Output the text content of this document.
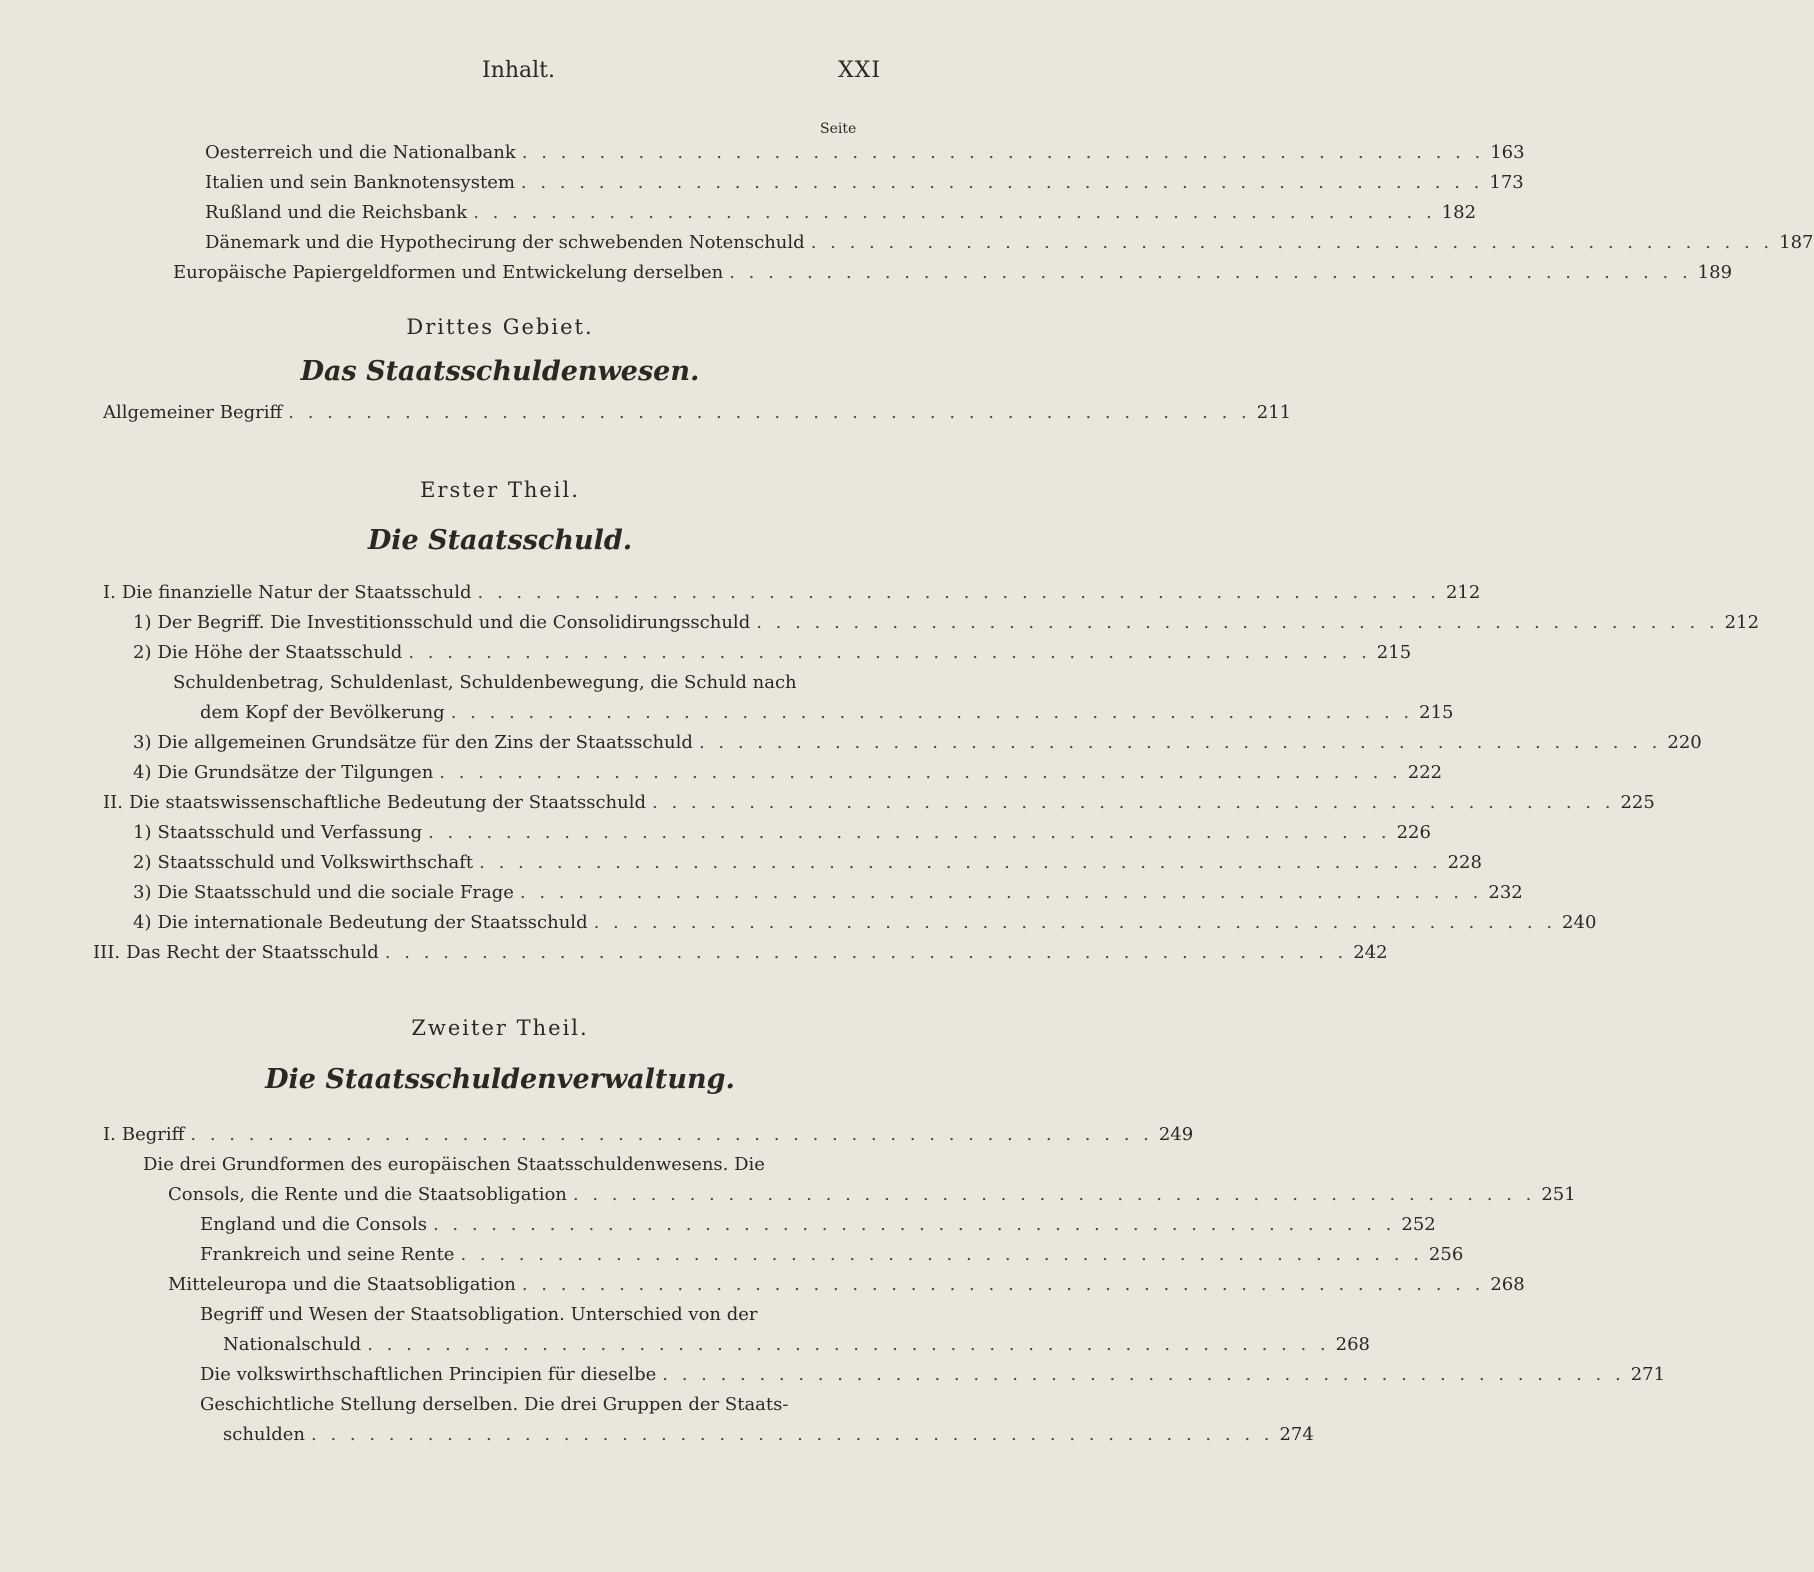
Inhalt.	XXI
Seite
Oesterreich und die Nationalbank . . . . . . . . . . . . . . . . . . . . . . . . . . . . . . . . . . . . . . . . . . . . . . . . . . 163
Italien und sein Banknotensystem . . . . . . . . . . . . . . . . . . . . . . . . . . . . . . . . . . . . . . . . . . . . . . . . . . 173
Rußland und die Reichsbank . . . . . . . . . . . . . . . . . . . . . . . . . . . . . . . . . . . . . . . . . . . . . . . . . . 182
Dänemark und die Hypothecirung der schwebenden Notenschuld . . . . . . . . . . . . . . . . . . . . . . . . . . . . . . . . . . . . . . . . . . . . . . . . . . 187
Europäische Papiergeldformen und Entwickelung derselben . . . . . . . . . . . . . . . . . . . . . . . . . . . . . . . . . . . . . . . . . . . . . . . . . . 189
Drittes Gebiet.
Das Staatsschuldenwesen.
Allgemeiner Begriff . . . . . . . . . . . . . . . . . . . . . . . . . . . . . . . . . . . . . . . . . . . . . . . . . . 211
Erster Theil.
Die Staatsschuld.
I. Die finanzielle Natur der Staatsschuld . . . . . . . . . . . . . . . . . . . . . . . . . . . . . . . . . . . . . . . . . . . . . . . . . . 212
1) Der Begriff. Die Investitionsschuld und die Consolidirungsschuld . . . . . . . . . . . . . . . . . . . . . . . . . . . . . . . . . . . . . . . . . . . . . . . . . . 212
2) Die Höhe der Staatsschuld . . . . . . . . . . . . . . . . . . . . . . . . . . . . . . . . . . . . . . . . . . . . . . . . . . 215
Schuldenbetrag, Schuldenlast, Schuldenbewegung, die Schuld nach
dem Kopf der Bevölkerung . . . . . . . . . . . . . . . . . . . . . . . . . . . . . . . . . . . . . . . . . . . . . . . . . . 215
3) Die allgemeinen Grundsätze für den Zins der Staatsschuld . . . . . . . . . . . . . . . . . . . . . . . . . . . . . . . . . . . . . . . . . . . . . . . . . . 220
4) Die Grundsätze der Tilgungen . . . . . . . . . . . . . . . . . . . . . . . . . . . . . . . . . . . . . . . . . . . . . . . . . . 222
II. Die staatswissenschaftliche Bedeutung der Staatsschuld . . . . . . . . . . . . . . . . . . . . . . . . . . . . . . . . . . . . . . . . . . . . . . . . . . 225
1) Staatsschuld und Verfassung . . . . . . . . . . . . . . . . . . . . . . . . . . . . . . . . . . . . . . . . . . . . . . . . . . 226
2) Staatsschuld und Volkswirthschaft . . . . . . . . . . . . . . . . . . . . . . . . . . . . . . . . . . . . . . . . . . . . . . . . . . 228
3) Die Staatsschuld und die sociale Frage . . . . . . . . . . . . . . . . . . . . . . . . . . . . . . . . . . . . . . . . . . . . . . . . . . 232
4) Die internationale Bedeutung der Staatsschuld . . . . . . . . . . . . . . . . . . . . . . . . . . . . . . . . . . . . . . . . . . . . . . . . . . 240
III. Das Recht der Staatsschuld . . . . . . . . . . . . . . . . . . . . . . . . . . . . . . . . . . . . . . . . . . . . . . . . . . 242
Zweiter Theil.
Die Staatsschuldenverwaltung.
I. Begriff . . . . . . . . . . . . . . . . . . . . . . . . . . . . . . . . . . . . . . . . . . . . . . . . . . 249
Die drei Grundformen des europäischen Staatsschuldenwesens. Die
Consols, die Rente und die Staatsobligation . . . . . . . . . . . . . . . . . . . . . . . . . . . . . . . . . . . . . . . . . . . . . . . . . . 251
England und die Consols . . . . . . . . . . . . . . . . . . . . . . . . . . . . . . . . . . . . . . . . . . . . . . . . . . 252
Frankreich und seine Rente . . . . . . . . . . . . . . . . . . . . . . . . . . . . . . . . . . . . . . . . . . . . . . . . . . 256
Mitteleuropa und die Staatsobligation . . . . . . . . . . . . . . . . . . . . . . . . . . . . . . . . . . . . . . . . . . . . . . . . . . 268
Begriff und Wesen der Staatsobligation. Unterschied von der
Nationalschuld . . . . . . . . . . . . . . . . . . . . . . . . . . . . . . . . . . . . . . . . . . . . . . . . . . 268
Die volkswirthschaftlichen Principien für dieselbe . . . . . . . . . . . . . . . . . . . . . . . . . . . . . . . . . . . . . . . . . . . . . . . . . . 271
Geschichtliche Stellung derselben. Die drei Gruppen der Staats-
schulden . . . . . . . . . . . . . . . . . . . . . . . . . . . . . . . . . . . . . . . . . . . . . . . . . . 274
